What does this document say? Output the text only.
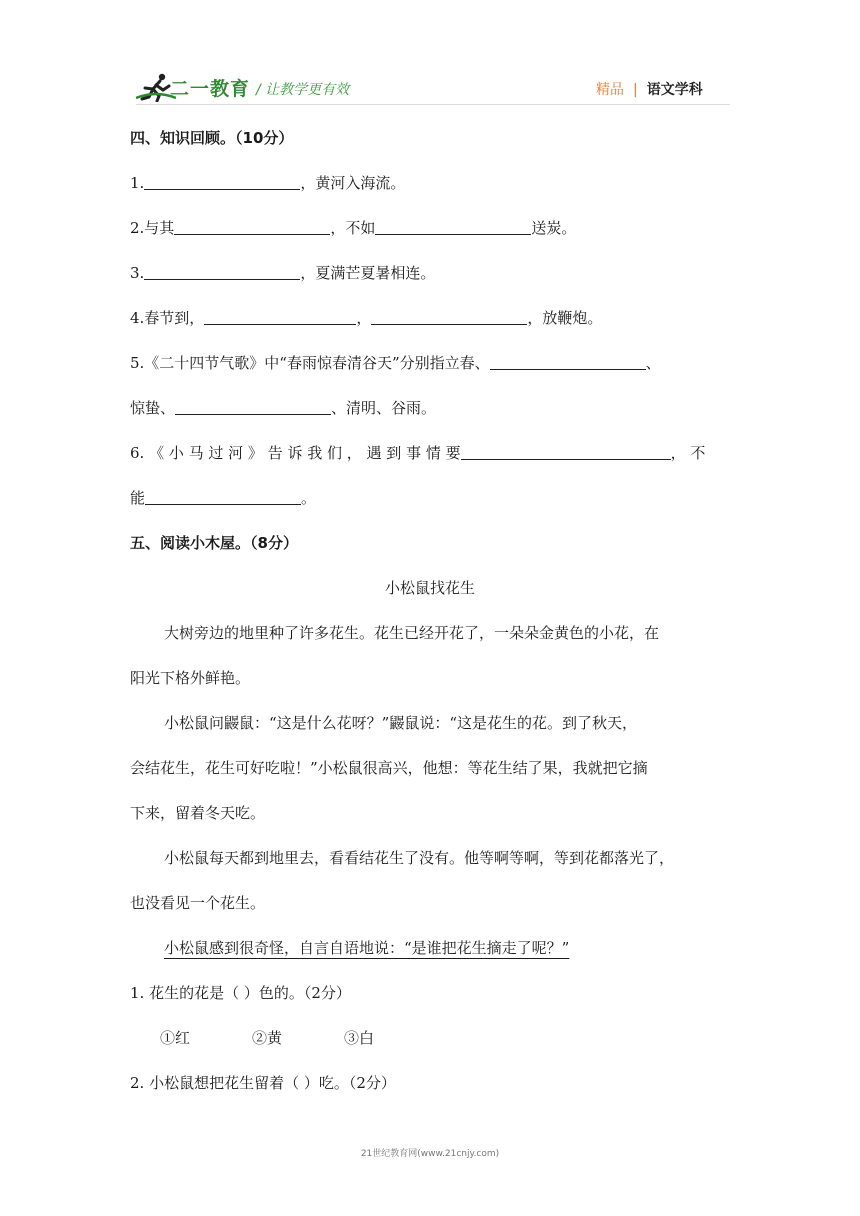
二一教育 / 让教学更有效	精品 | 语文学科
四、知识回顾。（10分）
1.	，黄河入海流。
2.与其	，不如	送炭。
3.	，夏满芒夏暑相连。
4.春节到，	，	，放鞭炮。
5.《二十四节气歌》中“春雨惊春清谷天”分别指立春、	、
惊蛰、	、清明、谷雨。
6. 《 小 马 过 河 》 告 诉 我 们 ， 遇 到 事 情 要	， 不
能	。
五、阅读小木屋。（8分）
小松鼠找花生
大树旁边的地里种了许多花生。花生已经开花了，一朵朵金黄色的小花，在
阳光下格外鲜艳。
小松鼠问鼹鼠：“这是什么花呀？”鼹鼠说：“这是花生的花。到了秋天，
会结花生，花生可好吃啦！”小松鼠很高兴，他想：等花生结了果，我就把它摘
下来，留着冬天吃。
小松鼠每天都到地里去，看看结花生了没有。他等啊等啊，等到花都落光了，
也没看见一个花生。
小松鼠感到很奇怪，自言自语地说：“是谁把花生摘走了呢？”
1. 花生的花是（ ）色的。（2分）
①红	②黄	③白
2. 小松鼠想把花生留着（ ）吃。（2分）
21世纪教育网(www.21cnjy.com)
